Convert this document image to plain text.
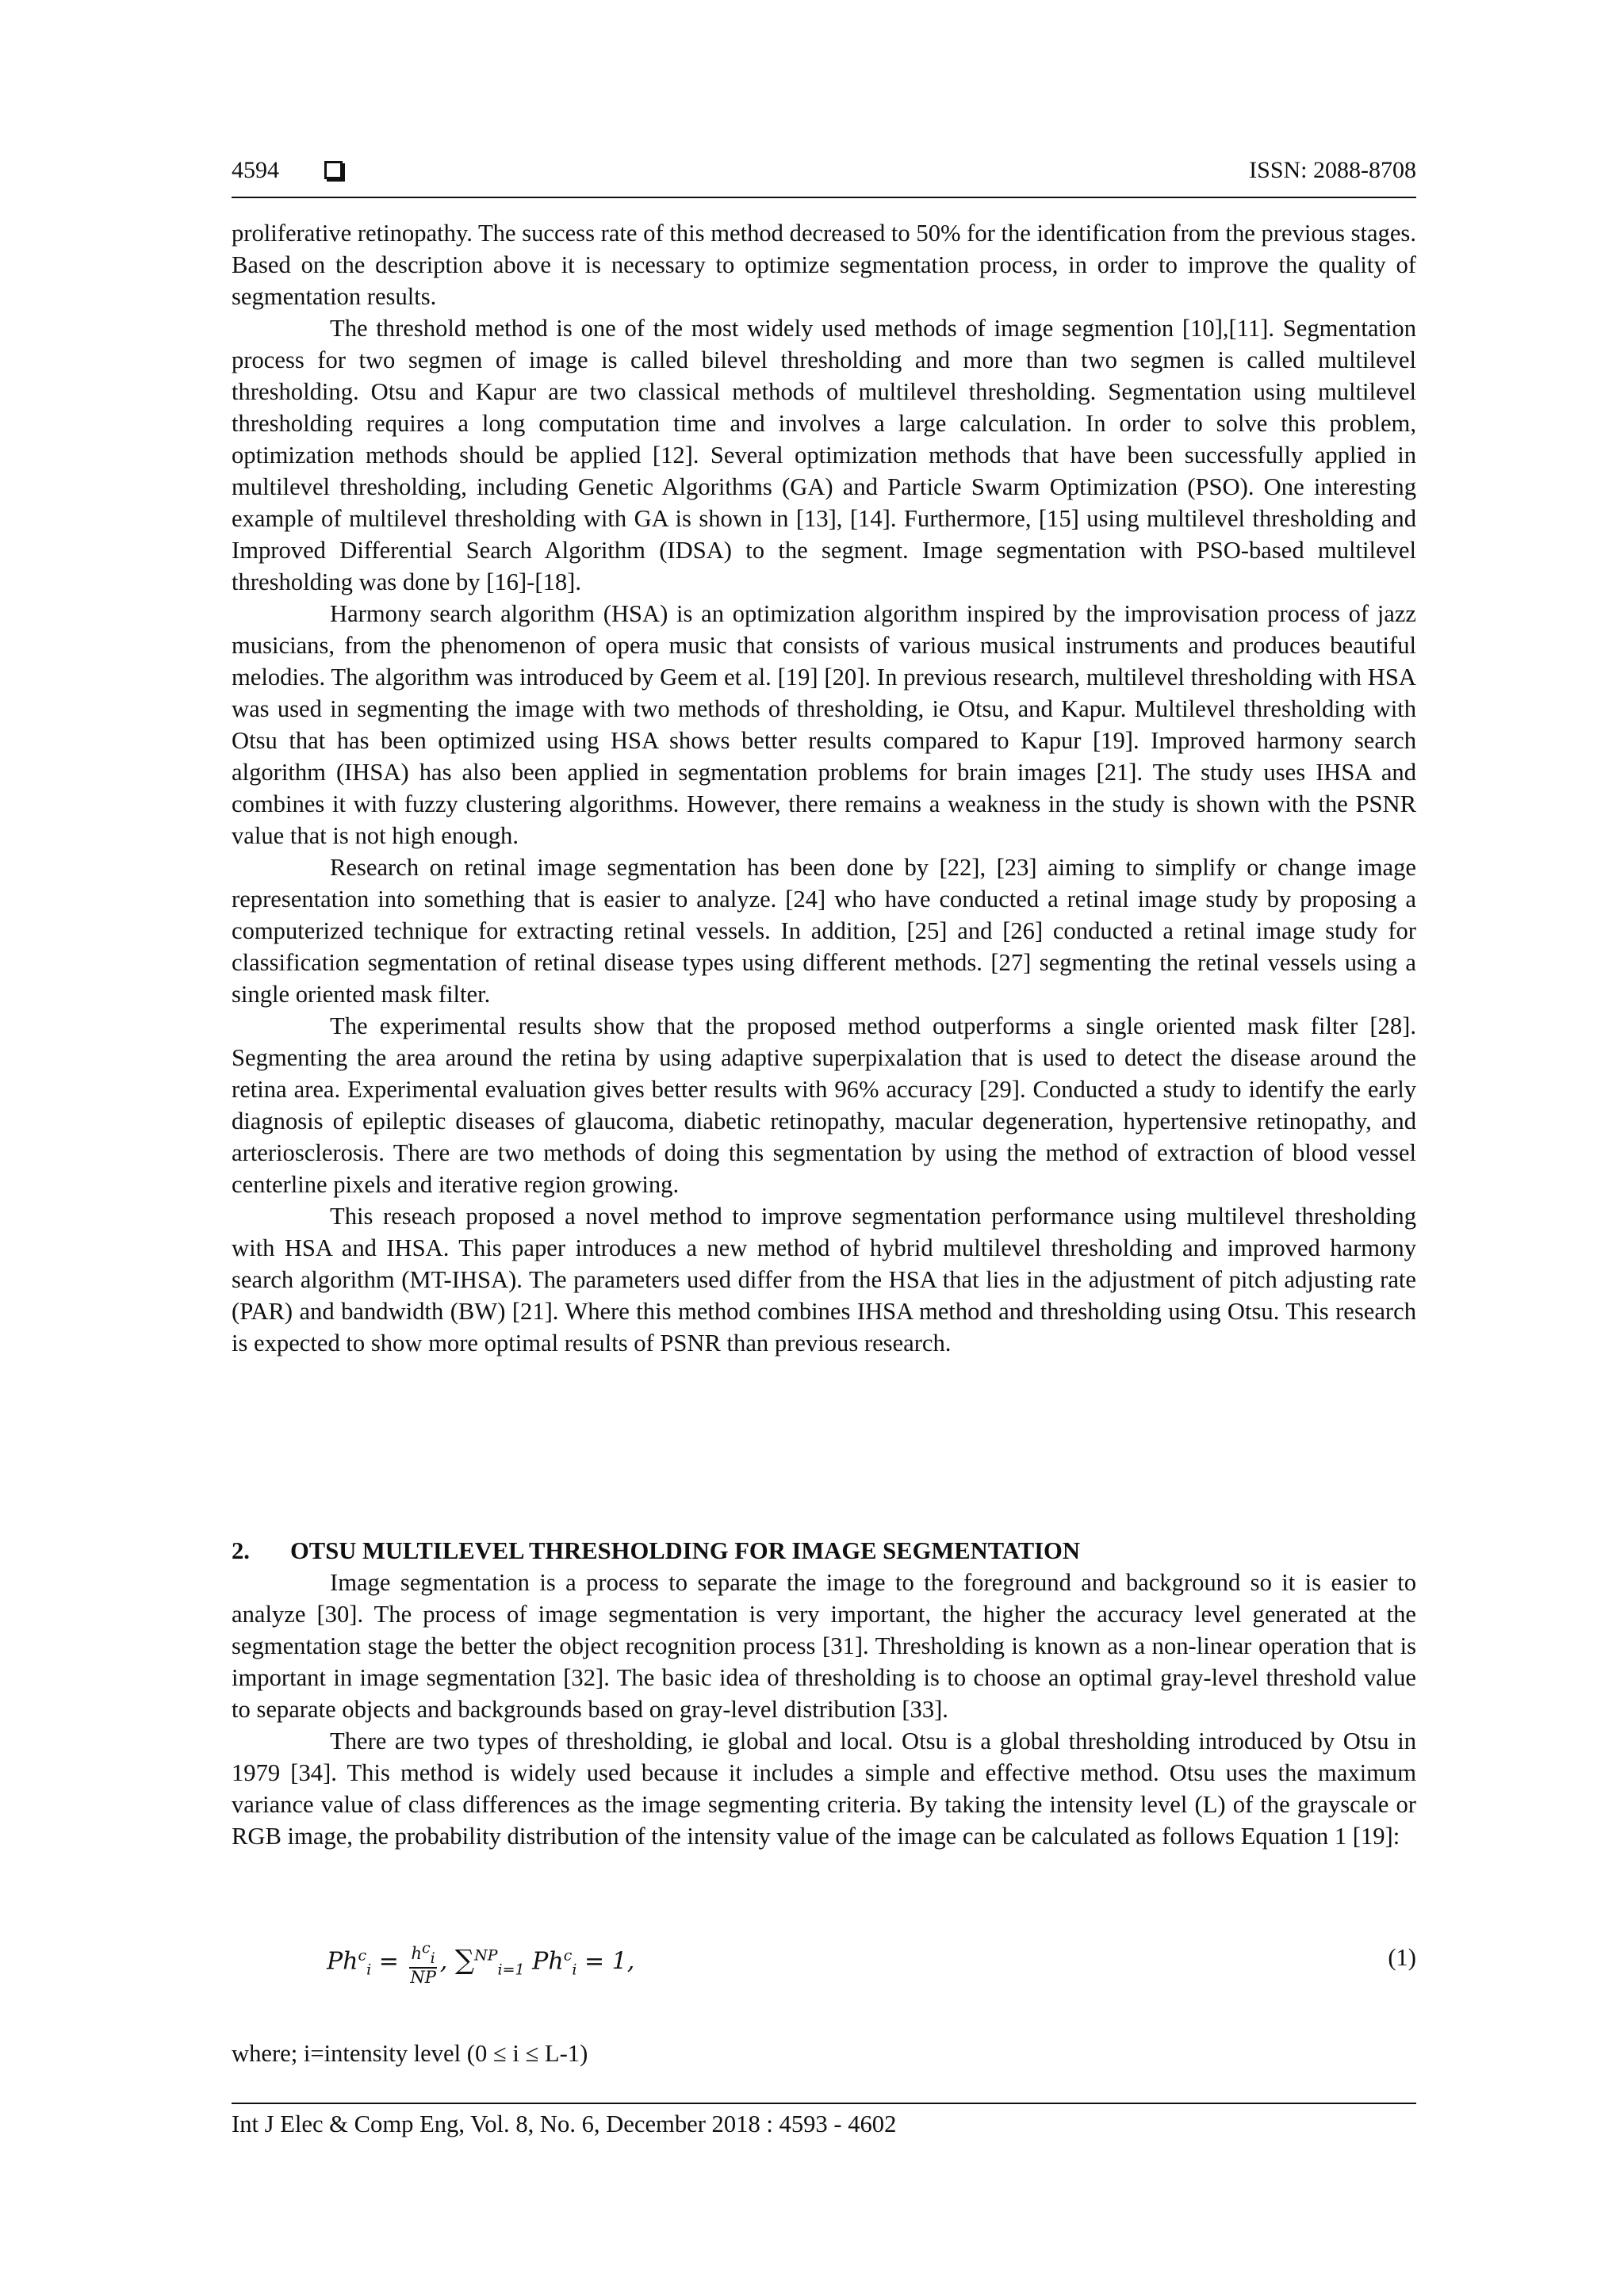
4594	ISSN: 2088-8708

proliferative retinopathy. The success rate of this method decreased to 50% for the identification from the previous stages. Based on the description above it is necessary to optimize segmentation process, in order to improve the quality of segmentation results.

The threshold method is one of the most widely used methods of image segmention [10],[11]. Segmentation process for two segmen of image is called bilevel thresholding and more than two segmen is called multilevel thresholding. Otsu and Kapur are two classical methods of multilevel thresholding. Segmentation using multilevel thresholding requires a long computation time and involves a large calculation. In order to solve this problem, optimization methods should be applied [12]. Several optimization methods that have been successfully applied in multilevel thresholding, including Genetic Algorithms (GA) and Particle Swarm Optimization (PSO). One interesting example of multilevel thresholding with GA is shown in [13], [14]. Furthermore, [15] using multilevel thresholding and Improved Differential Search Algorithm (IDSA) to the segment. Image segmentation with PSO-based multilevel thresholding was done by [16]-[18].

Harmony search algorithm (HSA) is an optimization algorithm inspired by the improvisation process of jazz musicians, from the phenomenon of opera music that consists of various musical instruments and produces beautiful melodies. The algorithm was introduced by Geem et al. [19] [20]. In previous research, multilevel thresholding with HSA was used in segmenting the image with two methods of thresholding, ie Otsu, and Kapur. Multilevel thresholding with Otsu that has been optimized using HSA shows better results compared to Kapur [19]. Improved harmony search algorithm (IHSA) has also been applied in segmentation problems for brain images [21]. The study uses IHSA and combines it with fuzzy clustering algorithms. However, there remains a weakness in the study is shown with the PSNR value that is not high enough.

Research on retinal image segmentation has been done by [22], [23] aiming to simplify or change image representation into something that is easier to analyze. [24] who have conducted a retinal image study by proposing a computerized technique for extracting retinal vessels. In addition, [25] and [26] conducted a retinal image study for classification segmentation of retinal disease types using different methods. [27] segmenting the retinal vessels using a single oriented mask filter.

The experimental results show that the proposed method outperforms a single oriented mask filter [28]. Segmenting the area around the retina by using adaptive superpixalation that is used to detect the disease around the retina area. Experimental evaluation gives better results with 96% accuracy [29]. Conducted a study to identify the early diagnosis of epileptic diseases of glaucoma, diabetic retinopathy, macular degeneration, hypertensive retinopathy, and arteriosclerosis. There are two methods of doing this segmentation by using the method of extraction of blood vessel centerline pixels and iterative region growing.

This reseach proposed a novel method to improve segmentation performance using multilevel thresholding with HSA and IHSA. This paper introduces a new method of hybrid multilevel thresholding and improved harmony search algorithm (MT-IHSA). The parameters used differ from the HSA that lies in the adjustment of pitch adjusting rate (PAR) and bandwidth (BW) [21]. Where this method combines IHSA method and thresholding using Otsu. This research is expected to show more optimal results of PSNR than previous research.

2. OTSU MULTILEVEL THRESHOLDING FOR IMAGE SEGMENTATION

Image segmentation is a process to separate the image to the foreground and background so it is easier to analyze [30]. The process of image segmentation is very important, the higher the accuracy level generated at the segmentation stage the better the object recognition process [31]. Thresholding is known as a non-linear operation that is important in image segmentation [32]. The basic idea of thresholding is to choose an optimal gray-level threshold value to separate objects and backgrounds based on gray-level distribution [33].

There are two types of thresholding, ie global and local. Otsu is a global thresholding introduced by Otsu in 1979 [34]. This method is widely used because it includes a simple and effective method. Otsu uses the maximum variance value of class differences as the image segmenting criteria. By taking the intensity level (L) of the grayscale or RGB image, the probability distribution of the intensity value of the image can be calculated as follows Equation 1 [19]:

$Ph^c_i = \frac{h^c_i}{NP}$ , ∑$^{NP}_{i=1}$ $Ph^c_i = 1$,	(1)
where; i=intensity level (0 ≤ i ≤ L-1)
Int J Elec & Comp Eng, Vol. 8, No. 6, December 2018 : 4593 - 4602
